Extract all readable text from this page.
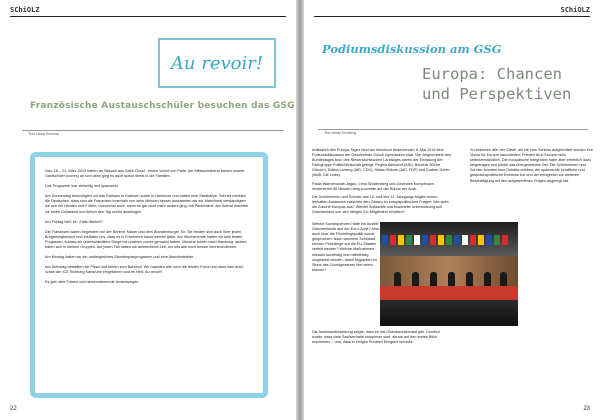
SChiOLZ
Au revoir!
Französische Austauschschüler besuchen das GSG
Text Laura Simonia

Vom 18. - 24. März 2015 hatten wir Besuch aus Saint-Cloud - einem Vorort von Paris. Am Mittwochabend kamen unsere Gastschüler (corres) an und dann ging es auch schon direkt in die Familien.

Das Programm war vielseitig und spannend.

Am Donnerstag besichtigten wir das Rathaus in Garbsen sowie in Hannover und hatten eine Stadtrallye. Schnell merkten die Deutschen, dass sich die Franzosen innerhalb von zehn Minuten besser auskannten als wir. Manchmal verständigten wir uns mit Händen und Füßen, manchmal auch, wenn es gar nicht mehr anders ging, mit Pantomime. Am Abend machten wir einen Grillabend und ließen den Tag schön ausklingen.

Am Freitag hieß es: „Hallo Berlin!!!“

Die Franzosen waren begeistert von der Berliner Mauer und dem Brandenburger Tor. Sie freuten sich auch über jeden Bürgerkingbesuch und erklärten uns, dass es in Frankreich kaum welche gäbe. Am Wochenende hatten wir kein festes Programm, sodass wir unterschiedliche Dinge mit unseren corres gemacht haben. Manche fuhren nach Hamburg, andere trafen sich in kleinen Gruppen. Auf jeden Fall hatten wir ausreichend Zeit, um uns alle noch besser kennenzulernen.

Am Montag hatten wir ein umfangreiches Stundenplanprogramm und eine Abschiedsfeier.

Am Dienstag bestellten wir Pizza und fuhren zum Bahnhof. Wir machten alle noch die letzten Fotos und dann kam auch schon der ICE Richtung Karlsruhe eingefahren und es hieß: Au revoir!!

Es gab viele Tränen und herzerwärmende Umarmungen.

22
SChiOLZ
Podiumsdiskussion am GSG
Europa: Chancen
und Perspektiven
Text Heide Eichberg

Anlässlich des Europa-Tages fand am historisch bedeutenden 8. Mai 2015 eine Podiumsdiskussion am Geschwister-Scholl-Gymnasium statt. Vier Abgeordnete des Bundestages bzw. des Niedersächsischen Landtages waren der Einladung der Fachgruppe Politik/Wirtschaft gefolgt: Regina Asendorf (AfD), Bündnis 90/Die Grünen), Editha Lorberg (AfD, CDU), Stefan Birkner (AfD, FDP) und Dorther Dehm (MdB, Die Linke).

Paula Warnemünde-Jagau, Lena Wüstenberg und Johannes Kumpfmann moderierten 90 Minuten lang souverän auf der Bühne der Aula.

Die Schülerinnen und Schüler des 10. und des 11. Jahrgangs folgten einem lebhaften Austausch zwischen den Gästen zu europapolitischen Fragen: Wie sieht die Zukunft Europas aus? Wieviel Solidarität und finanzielle Unterstützung soll Griechenland von den übrigen EU-Mitgliedern erhalten?

Welche Konsequenzen hätte ein Austritt Griechenlands aus der Euro-Zone? Aber auch über die Flüchtlingspolitik wurde gesprochen: Nach welchem Schlüssel können Flüchtlinge auf die EU-Staaten verteilt werden? Welche Maßnahmen müssen kurzfristig und mittelfristig umgesetzt werden, damit Migranten im Sinne des Grundgesetzes hier leben können?

Die Auseinandersetzung zeigte, dass es viel Diskussionsbedarf gibt. Deutlich wurde, dass viele Sachverhalte komplexer sind, als sie auf den ersten Blick erscheinen – und, dass in einigen Punkten Einigkeit herrscht.

So bekamen alle vier Gäste, als sie zum Schluss aufgefordert wurden ihre Vision für Europa darzustellen: Frieden ist in Europa nicht selbstverständlich. Die europäische Integration habe aber erheblich dazu beigetragen und bleibe das übergeordnete Ziel. Die Schülerinnen und Schüler konnten eine Debatte erleben, die spannende inhaltliche und gesprächspolitische Einblicke bot und der erfolgreich zur weiteren Beschäftigung mit den aufgeworfenen Fragen angeregt hat.

23
